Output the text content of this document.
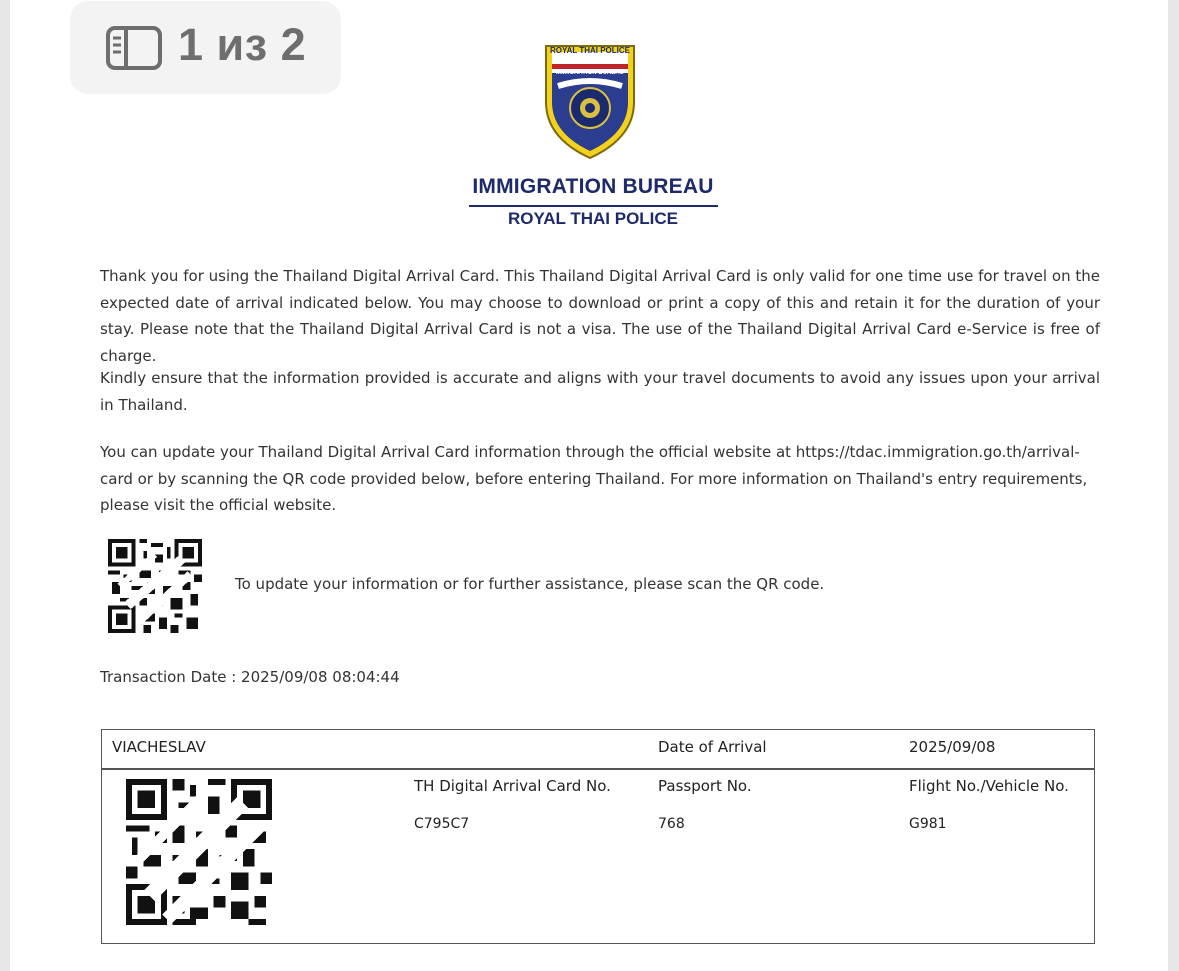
1 из 2	ROYAL THAI POLICE
IMMIGRATION BUREAU
IMMIGRATION BUREAU
ROYAL THAI POLICE

Thank you for using the Thailand Digital Arrival Card. This Thailand Digital Arrival Card is only valid for one time use for travel on the expected date of arrival indicated below. You may choose to download or print a copy of this and retain it for the duration of your stay. Please note that the Thailand Digital Arrival Card is not a visa. The use of the Thailand Digital Arrival Card e-Service is free of charge.

Kindly ensure that the information provided is accurate and aligns with your travel documents to avoid any issues upon your arrival in Thailand.

You can update your Thailand Digital Arrival Card information through the official website at https://tdac.immigration.go.th/arrival-card or by scanning the QR code provided below, before entering Thailand. For more information on Thailand's entry requirements, please visit the official website.

To update your information or for further assistance, please scan the QR code.
Transaction Date : 2025/09/08 08:04:44
VIACHESLAV	Date of Arrival	2025/09/08
TH Digital Arrival Card No.	Passport No.	Flight No./Vehicle No.
C795C7	768	G981
